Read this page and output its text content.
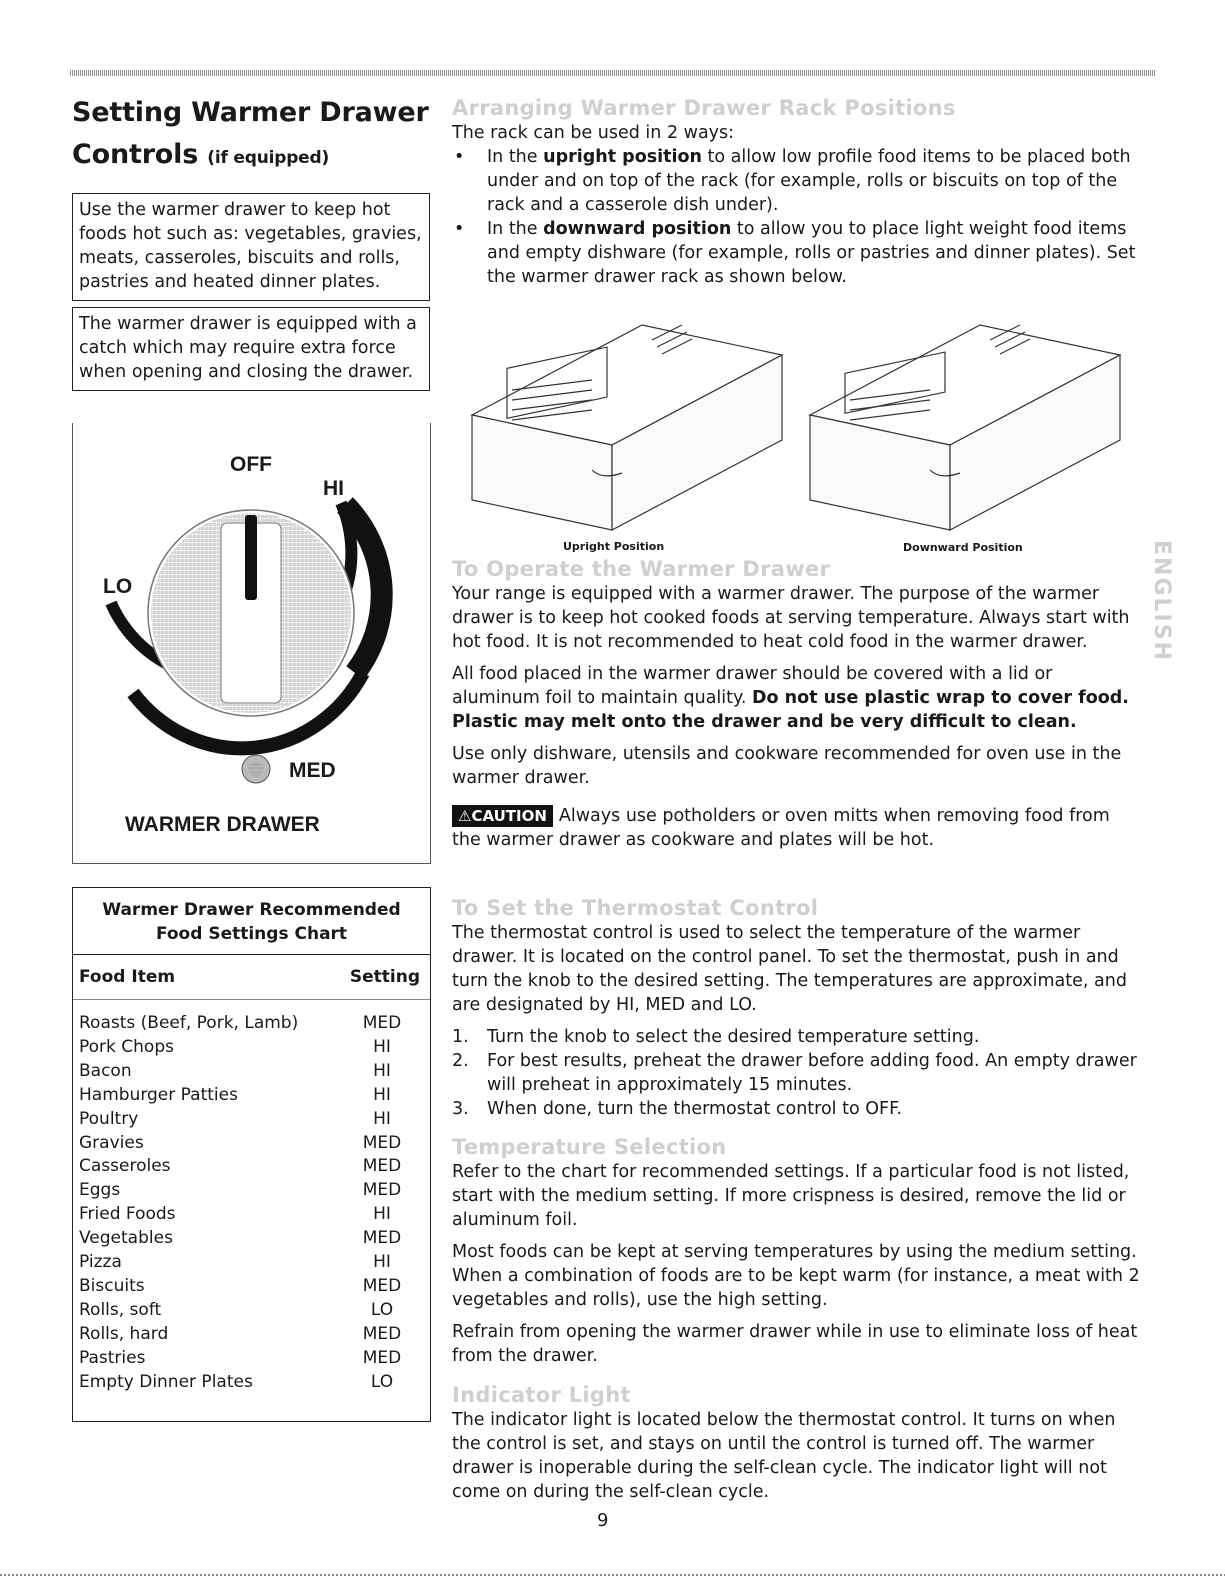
Setting Warmer Drawer
Controls (if equipped)
Use the warmer drawer to keep hot foods hot such as: vegetables, gravies, meats, casseroles, biscuits and rolls, pastries and heated dinner plates.
The warmer drawer is equipped with a catch which may require extra force when opening and closing the drawer.
OFF
HI
LO
MED
WARMER DRAWER
Warmer Drawer Recommended Food Settings Chart
Food Item	Setting
Roasts (Beef, Pork, Lamb)	MED
Pork Chops	HI
Bacon	HI
Hamburger Patties	HI
Poultry	HI
Gravies	MED
Casseroles	MED
Eggs	MED
Fried Foods	HI
Vegetables	MED
Pizza	HI
Biscuits	MED
Rolls, soft	LO
Rolls, hard	MED
Pastries	MED
Empty Dinner Plates	LO
Arranging Warmer Drawer Rack Positions
The rack can be used in 2 ways:
• In the upright position to allow low profile food items to be placed both under and on top of the rack (for example, rolls or biscuits on top of the rack and a casserole dish under).
• In the downward position to allow you to place light weight food items and empty dishware (for example, rolls or pastries and dinner plates). Set the warmer drawer rack as shown below.
Upright Position	Downward Position
To Operate the Warmer Drawer

Your range is equipped with a warmer drawer. The purpose of the warmer drawer is to keep hot cooked foods at serving temperature. Always start with hot food. It is not recommended to heat cold food in the warmer drawer.

All food placed in the warmer drawer should be covered with a lid or aluminum foil to maintain quality. Do not use plastic wrap to cover food. Plastic may melt onto the drawer and be very difficult to clean.

Use only dishware, utensils and cookware recommended for oven use in the warmer drawer.

⚠CAUTION Always use potholders or oven mitts when removing food from the warmer drawer as cookware and plates will be hot.

To Set the Thermostat Control

The thermostat control is used to select the temperature of the warmer drawer. It is located on the control panel. To set the thermostat, push in and turn the knob to the desired setting. The temperatures are approximate, and are designated by HI, MED and LO.

1. Turn the knob to select the desired temperature setting.
2. For best results, preheat the drawer before adding food. An empty drawer will preheat in approximately 15 minutes.
3. When done, turn the thermostat control to OFF.
Temperature Selection

Refer to the chart for recommended settings. If a particular food is not listed, start with the medium setting. If more crispness is desired, remove the lid or aluminum foil.

Most foods can be kept at serving temperatures by using the medium setting. When a combination of foods are to be kept warm (for instance, a meat with 2 vegetables and rolls), use the high setting.

Refrain from opening the warmer drawer while in use to eliminate loss of heat from the drawer.

Indicator Light

The indicator light is located below the thermostat control. It turns on when the control is set, and stays on until the control is turned off. The warmer drawer is inoperable during the self-clean cycle. The indicator light will not come on during the self-clean cycle.

ENGLISH
9
